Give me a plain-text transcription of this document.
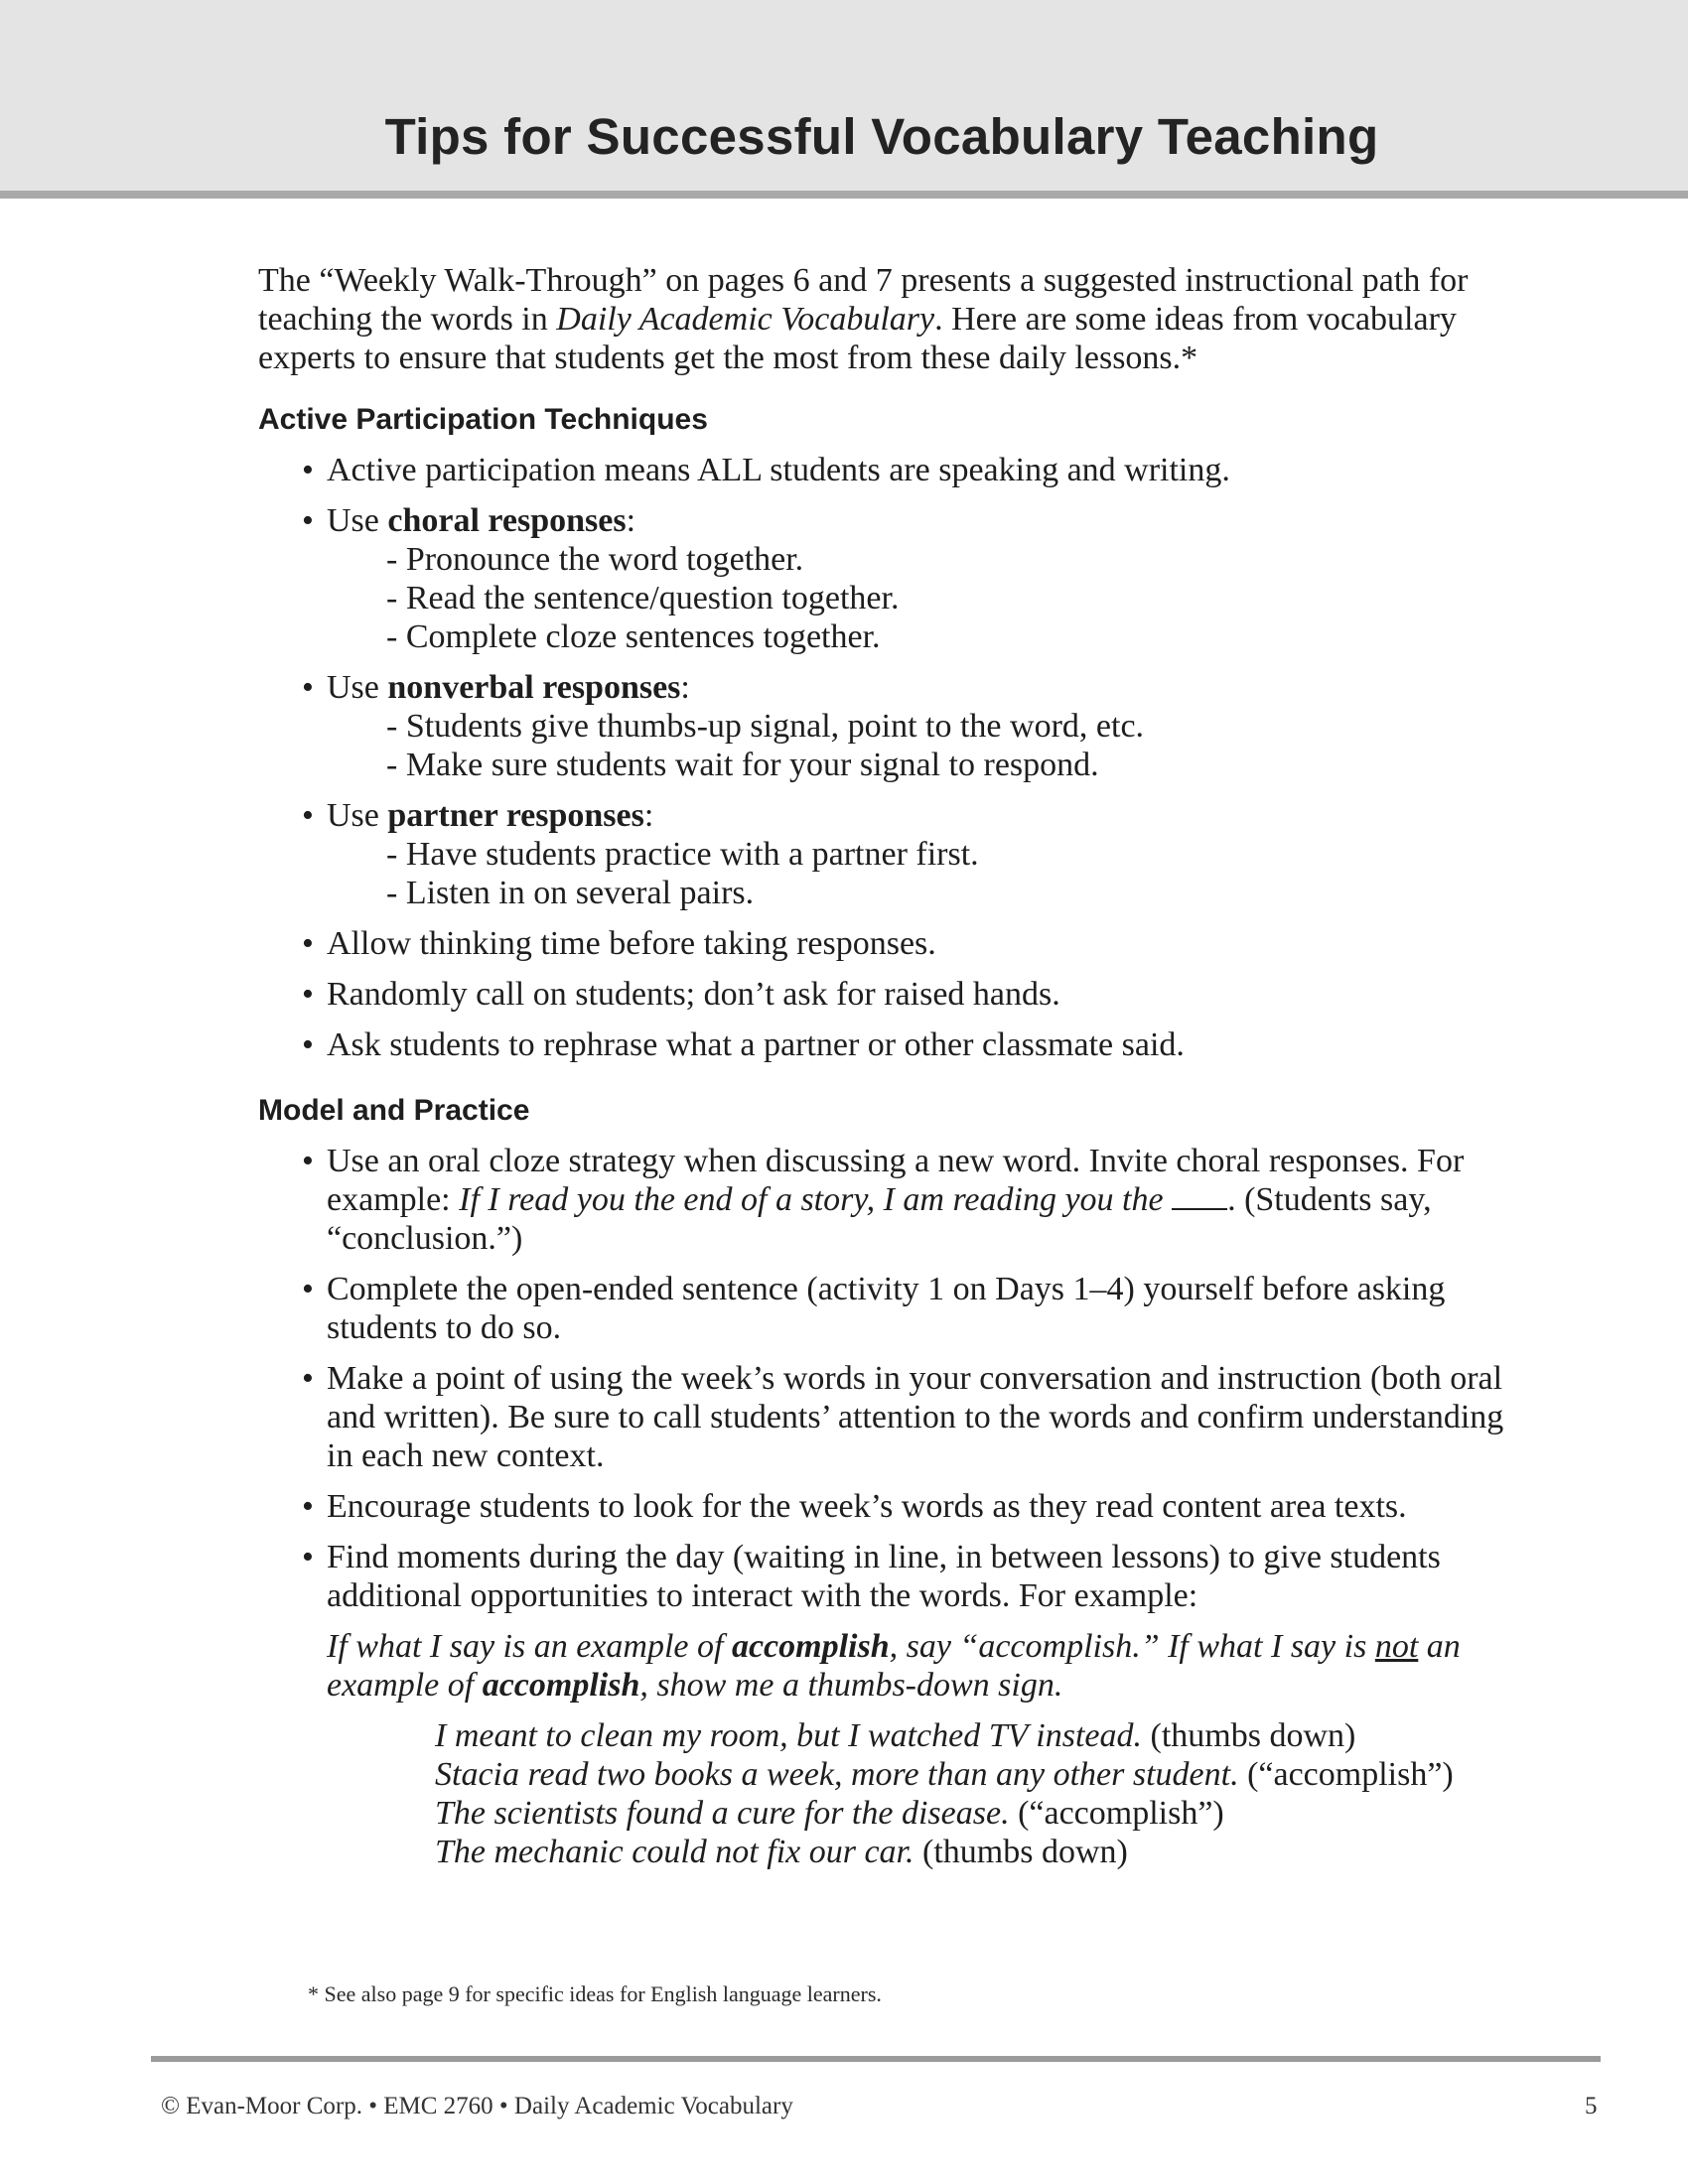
Tips for Successful Vocabulary Teaching

The “Weekly Walk-Through” on pages 6 and 7 presents a suggested instructional path for teaching the words in Daily Academic Vocabulary. Here are some ideas from vocabulary experts to ensure that students get the most from these daily lessons.*

Active Participation Techniques
• Active participation means ALL students are speaking and writing.
• Use choral responses:
- Pronounce the word together.
- Read the sentence/question together.
- Complete cloze sentences together.
• Use nonverbal responses:
- Students give thumbs-up signal, point to the word, etc.
- Make sure students wait for your signal to respond.
• Use partner responses:
- Have students practice with a partner first.
- Listen in on several pairs.
• Allow thinking time before taking responses.
• Randomly call on students; don’t ask for raised hands.
• Ask students to rephrase what a partner or other classmate said.
Model and Practice
• Use an oral cloze strategy when discussing a new word. Invite choral responses. For example: If I read you the end of a story, I am reading you the . (Students say, “conclusion.”)
• Complete the open-ended sentence (activity 1 on Days 1–4) yourself before asking students to do so.
• Make a point of using the week’s words in your conversation and instruction (both oral and written). Be sure to call students’ attention to the words and confirm understanding in each new context.
• Encourage students to look for the week’s words as they read content area texts.
• Find moments during the day (waiting in line, in between lessons) to give students additional opportunities to interact with the words. For example:

If what I say is an example of accomplish, say “accomplish.” If what I say is not an example of accomplish, show me a thumbs-down sign.

I meant to clean my room, but I watched TV instead. (thumbs down)
Stacia read two books a week, more than any other student. (“accomplish”)
The scientists found a cure for the disease. (“accomplish”)
The mechanic could not fix our car. (thumbs down)
* See also page 9 for specific ideas for English language learners.
© Evan-Moor Corp. • EMC 2760 • Daily Academic Vocabulary	5
